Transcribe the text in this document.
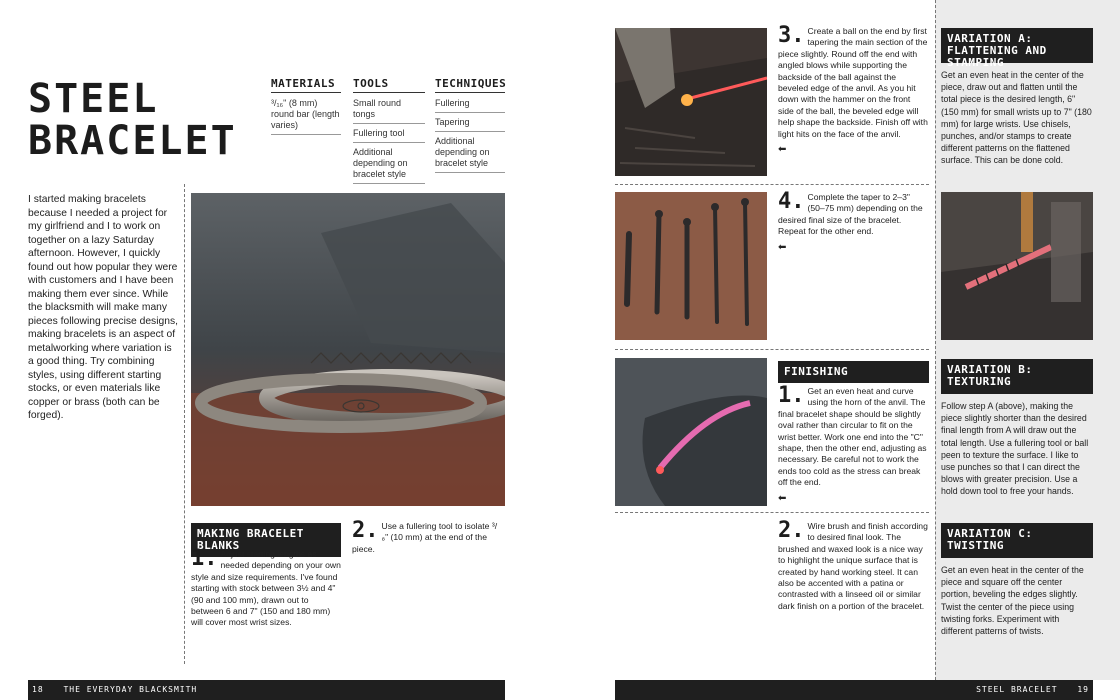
STEEL
BRACELET
MATERIALS
³/₁₆" (8 mm) round bar (length varies)
TOOLS
Small round tongs
Fullering tool
Additional depending on bracelet style
TECHNIQUES
Fullering
Tapering
Additional depending on bracelet style
I started making bracelets because I needed a project for my girlfriend and I to work on together on a lazy Saturday afternoon. However, I quickly found out how popular they were with customers and I have been making them ever since. While the blacksmith will make many pieces following precise designs, making bracelets is an aspect of metalworking where variation is a good thing. Try combining styles, using different starting stocks, or even materials like copper or brass (both can be forged).
MAKING BRACELET BLANKS
1. Adjust starting lengths as needed depending on your own style and size requirements. I've found starting with stock between 3½ and 4" (90 and 100 mm), drawn out to between 6 and 7" (150 and 180 mm) will cover most wrist sizes.
2. Use a fullering tool to isolate ³/₈" (10 mm) at the end of the piece.
18 THE EVERYDAY BLACKSMITH
3. Create a ball on the end by first tapering the main section of the piece slightly. Round off the end with angled blows while supporting the backside of the ball against the beveled edge of the anvil. As you hit down with the hammer on the front side of the ball, the beveled edge will help shape the backside. Finish off with light hits on the face of the anvil.
⬅
4. Complete the taper to 2–3" (50–75 mm) depending on the desired final size of the bracelet. Repeat for the other end.
⬅
FINISHING
1. Get an even heat and curve using the horn of the anvil. The final bracelet shape should be slightly oval rather than circular to fit on the wrist better. Work one end into the "C" shape, then the other end, adjusting as necessary. Be careful not to work the ends too cold as the stress can break off the end.
⬅
2. Wire brush and finish according to desired final look. The brushed and waxed look is a nice way to highlight the unique surface that is created by hand working steel. It can also be accented with a patina or contrasted with a linseed oil or similar dark finish on a portion of the bracelet.
VARIATION A:
FLATTENING AND STAMPING
Get an even heat in the center of the piece, draw out and flatten until the total piece is the desired length, 6" (150 mm) for small wrists up to 7" (180 mm) for large wrists. Use chisels, punches, and/or stamps to create different patterns on the flattened surface. This can be done cold.
VARIATION B:
TEXTURING
Follow step A (above), making the piece slightly shorter than the desired final length from A will draw out the total length. Use a fullering tool or ball peen to texture the surface. I like to use punches so that I can direct the blows with greater precision. Use a hold down tool to free your hands.
VARIATION C:
TWISTING
Get an even heat in the center of the piece and square off the center portion, beveling the edges slightly. Twist the center of the piece using twisting forks. Experiment with different patterns of twists.
STEEL BRACELET 19
